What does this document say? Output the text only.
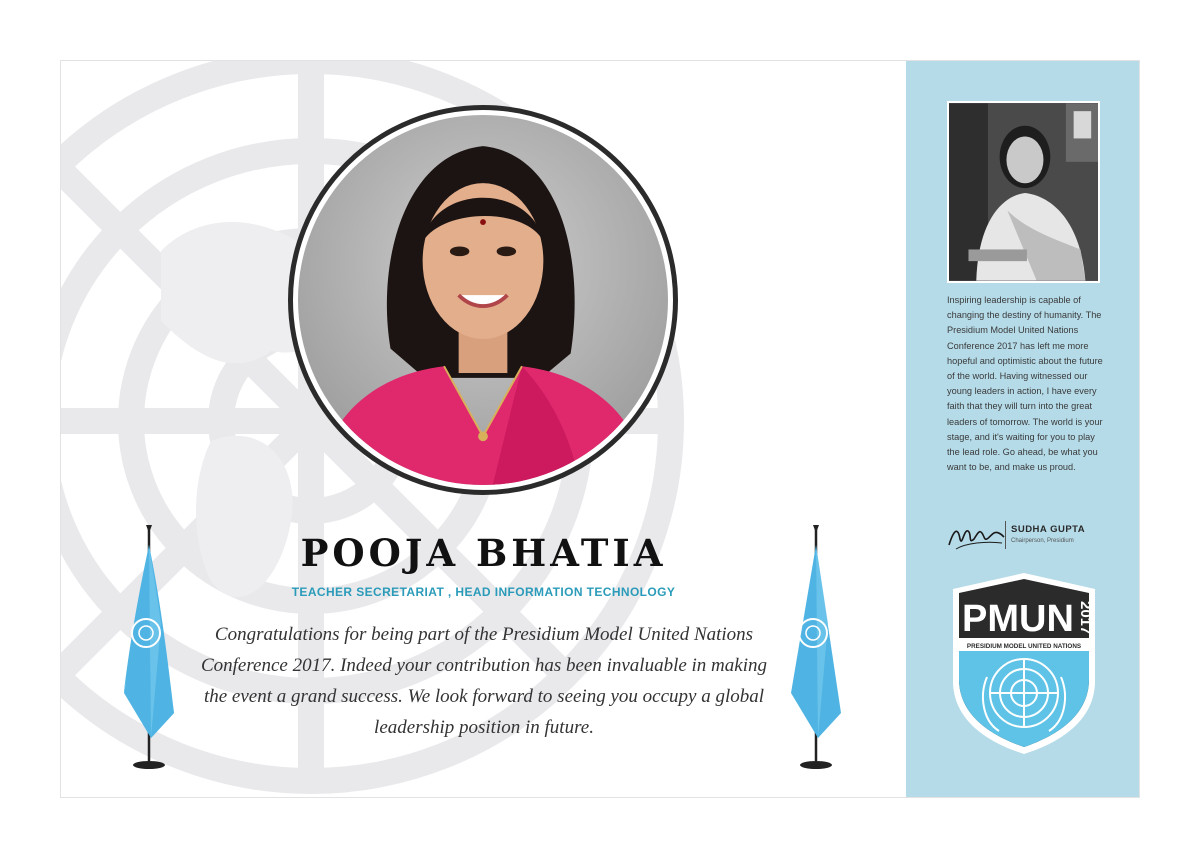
POOJA BHATIA
TEACHER SECRETARIAT , HEAD INFORMATION TECHNOLOGY
Congratulations for being part of the Presidium Model United Nations Conference 2017. Indeed your contribution has been invaluable in making the event a grand success. We look forward to seeing you occupy a global leadership position in future.
Inspiring leadership is capable of changing the destiny of humanity. The Presidium Model United Nations Conference 2017 has left me more hopeful and optimistic about the future of the world. Having witnessed our young leaders in action, I have every faith that they will turn into the great leaders of tomorrow. The world is your stage, and it's waiting for you to play the lead role. Go ahead, be what you want to be, and make us proud.
SUDHA GUPTA
Chairperson, Presidium
PMUN 2017
PRESIDIUM MODEL UNITED NATIONS
